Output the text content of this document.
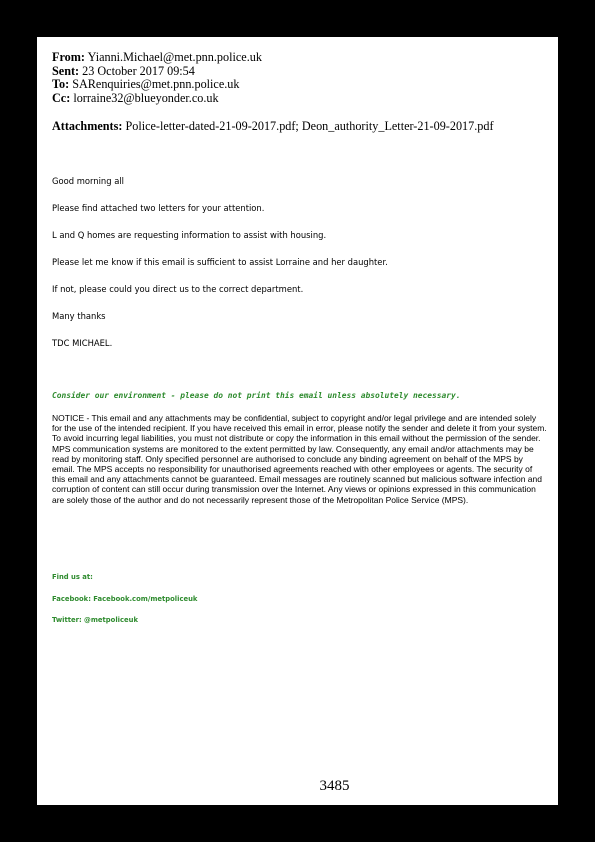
From: Yianni.Michael@met.pnn.police.uk
Sent: 23 October 2017 09:54
To: SARenquiries@met.pnn.police.uk
Cc: lorraine32@blueyonder.co.uk
Attachments: Police-letter-dated-21-09-2017.pdf; Deon_authority_Letter-21-09-2017.pdf
Good morning all
Please find attached two letters for your attention.
L and Q homes are requesting information to assist with housing.
Please let me know if this email is sufficient to assist Lorraine and her daughter.
If not, please could you direct us to the correct department.
Many thanks
TDC MICHAEL.
Consider our environment - please do not print this email unless absolutely necessary.
NOTICE - This email and any attachments may be confidential, subject to copyright and/or legal privilege and are intended solely for the use of the intended recipient. If you have received this email in error, please notify the sender and delete it from your system. To avoid incurring legal liabilities, you must not distribute or copy the information in this email without the permission of the sender. MPS communication systems are monitored to the extent permitted by law. Consequently, any email and/or attachments may be read by monitoring staff. Only specified personnel are authorised to conclude any binding agreement on behalf of the MPS by email. The MPS accepts no responsibility for unauthorised agreements reached with other employees or agents. The security of this email and any attachments cannot be guaranteed. Email messages are routinely scanned but malicious software infection and corruption of content can still occur during transmission over the Internet. Any views or opinions expressed in this communication are solely those of the author and do not necessarily represent those of the Metropolitan Police Service (MPS).
Find us at:
Facebook: Facebook.com/metpoliceuk
Twitter: @metpoliceuk
3485
